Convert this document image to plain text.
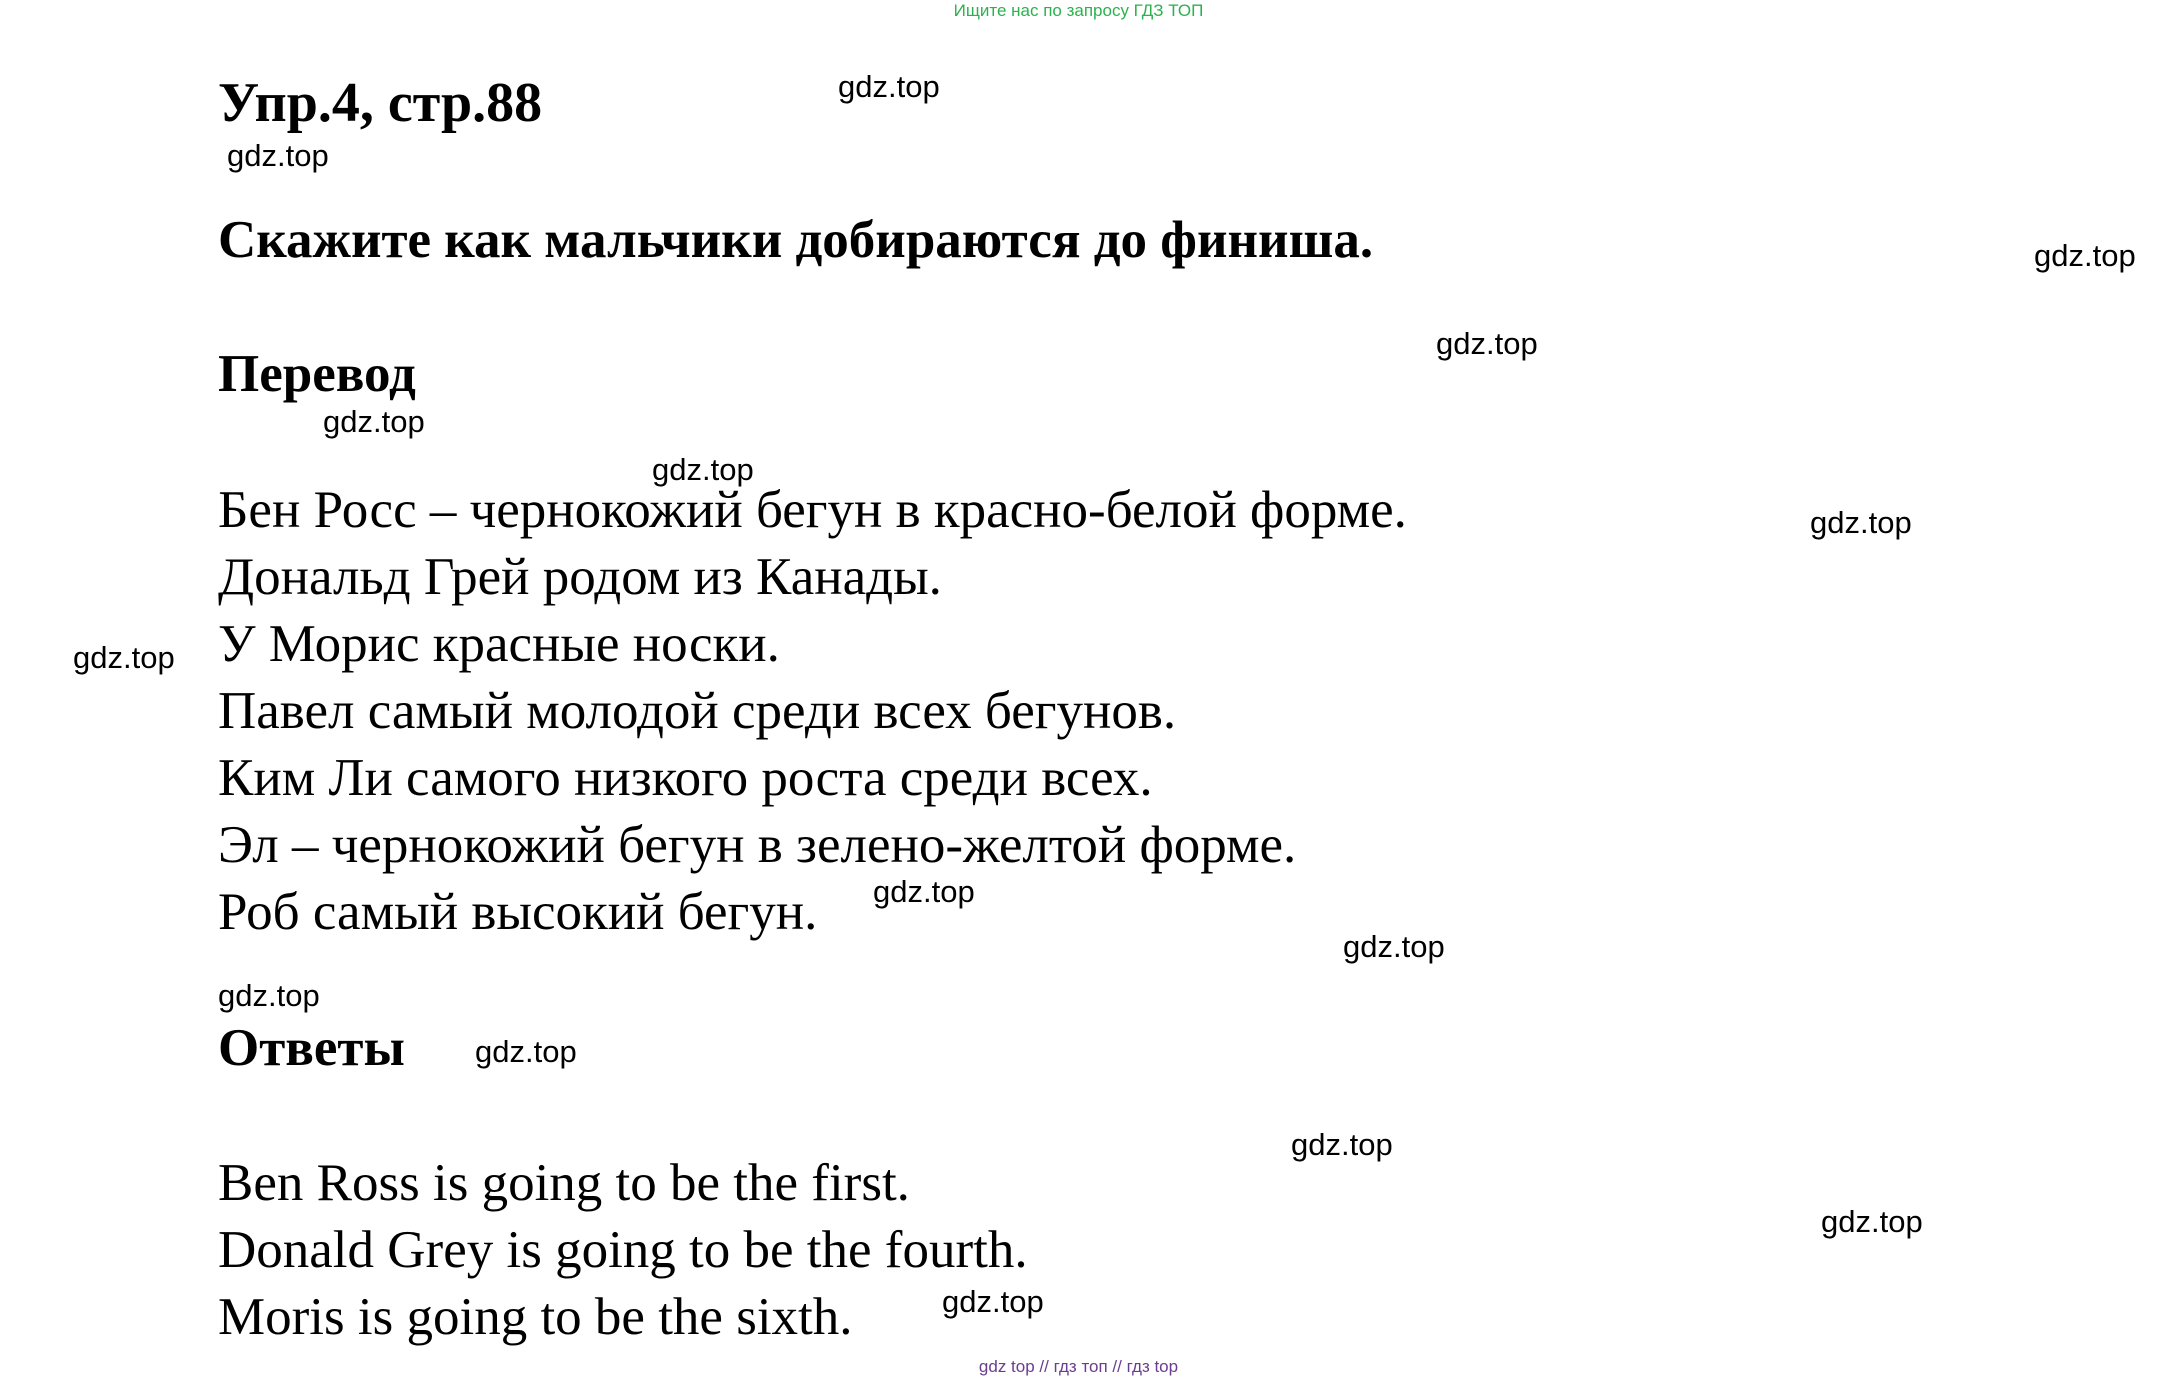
Ищите нас по запросу ГДЗ ТОП
Упр.4, стр.88
Скажите как мальчики добираются до финиша.
Перевод
Бен Росс – чернокожий бегун в красно-белой форме.
Дональд Грей родом из Канады.
У Морис красные носки.
Павел самый молодой среди всех бегунов.
Ким Ли самого низкого роста среди всех.
Эл – чернокожий бегун в зелено-желтой форме.
Роб самый высокий бегун.
Ответы
Ben Ross is going to be the first.
Donald Grey is going to be the fourth.
Moris is going to be the sixth.
gdz.top
gdz.top
gdz.top
gdz.top
gdz.top
gdz.top
gdz.top
gdz.top
gdz.top
gdz.top
gdz.top
gdz.top
gdz.top
gdz.top
gdz.top
gdz top // гдз топ // гдз top
